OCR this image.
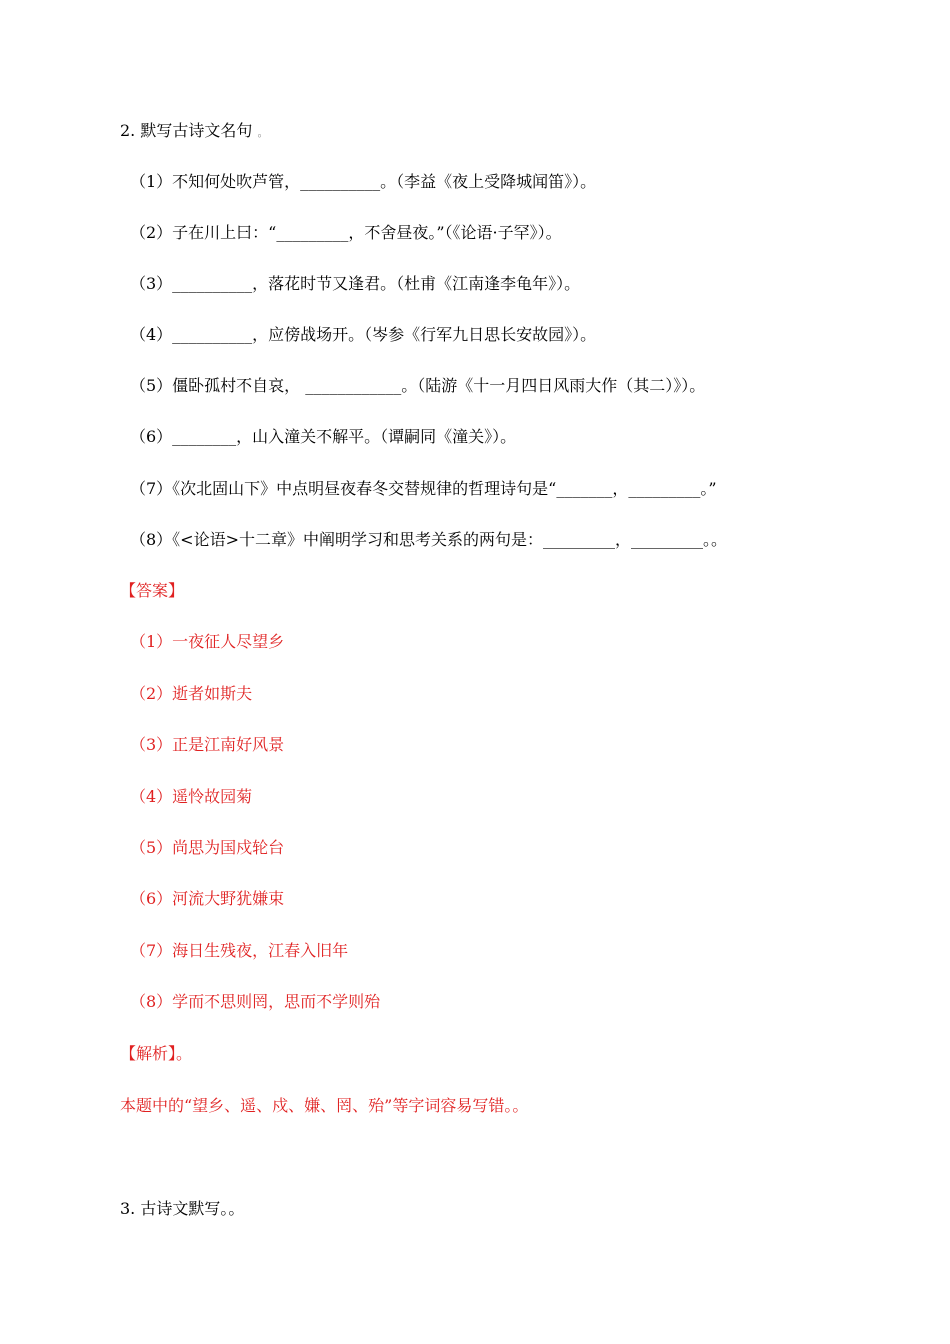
2. 默写古诗文名句 。
（1）不知何处吹芦管，__________。（李益《夜上受降城闻笛》）。
（2）子在川上曰：“_________，不舍昼夜。”（《论语·子罕》）。
（3）__________，落花时节又逢君。（杜甫《江南逢李龟年》）。
（4）__________，应傍战场开。（岑参《行军九日思长安故园》）。
（5）僵卧孤村不自哀， ____________。（陆游《十一月四日风雨大作（其二）》）。
（6）________，山入潼关不解平。（谭嗣同《潼关》）。
（7）《次北固山下》中点明昼夜春冬交替规律的哲理诗句是“_______，_________。”
（8）《<论语>十二章》中阐明学习和思考关系的两句是：_________，_________。。
【答案】
（1）一夜征人尽望乡
（2）逝者如斯夫
（3）正是江南好风景
（4）遥怜故园菊
（5）尚思为国戍轮台
（6）河流大野犹嫌束
（7）海日生残夜，江春入旧年
（8）学而不思则罔，思而不学则殆
【解析】。
本题中的“望乡、遥、戍、嫌、罔、殆”等字词容易写错。。
3. 古诗文默写。。
